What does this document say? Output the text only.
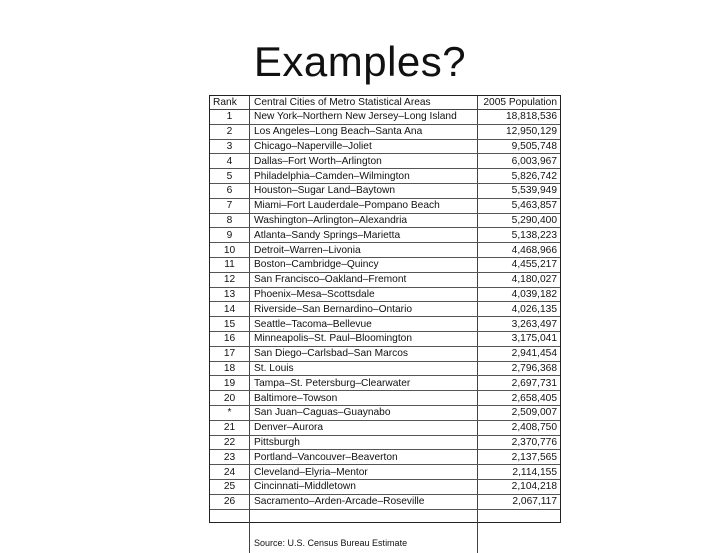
Examples?
Rank	Central Cities of Metro Statistical Areas	2005 Population
1	New York–Northern New Jersey–Long Island	18,818,536
2	Los Angeles–Long Beach–Santa Ana	12,950,129
3	Chicago–Naperville–Joliet	9,505,748
4	Dallas–Fort Worth–Arlington	6,003,967
5	Philadelphia–Camden–Wilmington	5,826,742
6	Houston–Sugar Land–Baytown	5,539,949
7	Miami–Fort Lauderdale–Pompano Beach	5,463,857
8	Washington–Arlington–Alexandria	5,290,400
9	Atlanta–Sandy Springs–Marietta	5,138,223
10	Detroit–Warren–Livonia	4,468,966
11	Boston–Cambridge–Quincy	4,455,217
12	San Francisco–Oakland–Fremont	4,180,027
13	Phoenix–Mesa–Scottsdale	4,039,182
14	Riverside–San Bernardino–Ontario	4,026,135
15	Seattle–Tacoma–Bellevue	3,263,497
16	Minneapolis–St. Paul–Bloomington	3,175,041
17	San Diego–Carlsbad–San Marcos	2,941,454
18	St. Louis	2,796,368
19	Tampa–St. Petersburg–Clearwater	2,697,731
20	Baltimore–Towson	2,658,405
*	San Juan–Caguas–Guaynabo	2,509,007
21	Denver–Aurora	2,408,750
22	Pittsburgh	2,370,776
23	Portland–Vancouver–Beaverton	2,137,565
24	Cleveland–Elyria–Mentor	2,114,155
25	Cincinnati–Middletown	2,104,218
26	Sacramento–Arden-Arcade–Roseville	2,067,117
	Source: U.S. Census Bureau Estimate	
